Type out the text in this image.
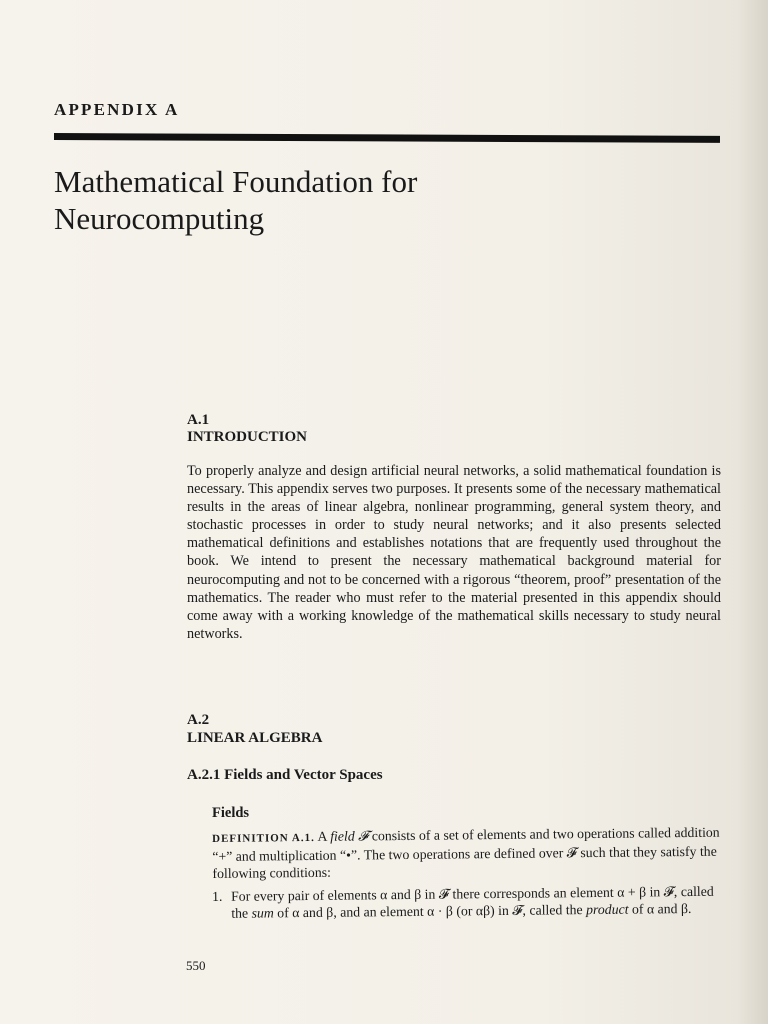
APPENDIX A
Mathematical Foundation for
Neurocomputing
A.1
INTRODUCTION

To properly analyze and design artificial neural networks, a solid mathematical foundation is necessary. This appendix serves two purposes. It presents some of the necessary mathematical results in the areas of linear algebra, nonlinear programming, general system theory, and stochastic processes in order to study neural networks; and it also presents selected mathematical definitions and establishes notations that are frequently used throughout the book. We intend to present the necessary mathematical background material for neurocomputing and not to be concerned with a rigorous “theorem, proof” presentation of the mathematics. The reader who must refer to the material presented in this appendix should come away with a working knowledge of the mathematical skills necessary to study neural networks.

A.2
LINEAR ALGEBRA
A.2.1 Fields and Vector Spaces
Fields

DEFINITION A.1. A field 𝓕 consists of a set of elements and two operations called addition “+” and multiplication “•”. The two operations are defined over 𝓕 such that they satisfy the following conditions:

1. For every pair of elements α and β in 𝓕 there corresponds an element α + β in 𝓕, called the sum of α and β, and an element α · β (or αβ) in 𝓕, called the product of α and β.
550
